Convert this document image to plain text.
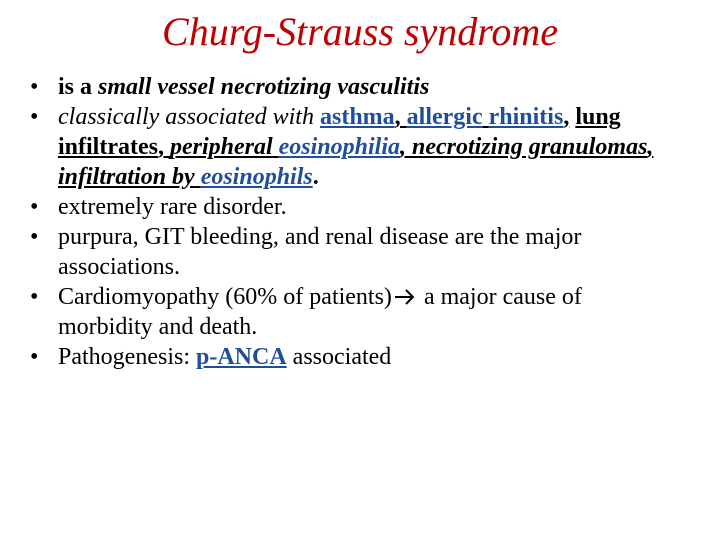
Churg-Strauss syndrome
• is a small vessel necrotizing vasculitis
• classically associated with asthma, allergic rhinitis, lung infiltrates, peripheral eosinophilia, necrotizing granulomas, infiltration by eosinophils.
• extremely rare disorder.
• purpura, GIT bleeding, and renal disease are the major associations.
• Cardiomyopathy (60% of patients) a major cause of morbidity and death.
• Pathogenesis: p-ANCA associated
